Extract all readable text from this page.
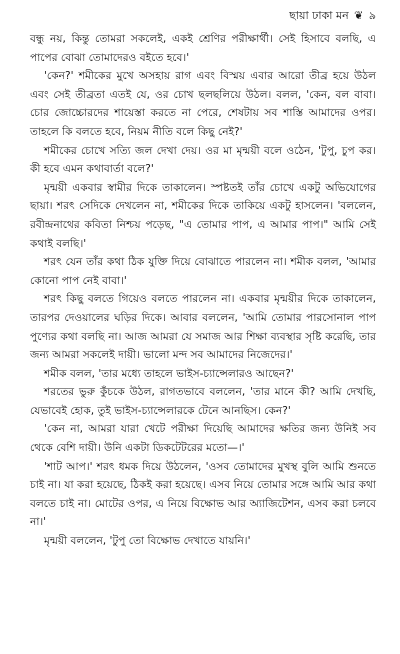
ছায়া ঢাকা মন ❦ ৯

বন্ধু নয়, কিন্তু তোমরা সকলেই, একই শ্রেণির পরীক্ষার্থী। সেই হিসাবে বলছি, এ পাপের বোঝা তোমাদেরও বইতে হবে।'

'কেন?' শমীকের মুখে অসহায় রাগ এবং বিস্ময় এবার আরো তীব্র হয়ে উঠল এবং সেই তীব্রতা এতই যে, ওর চোখ ছলছলিয়ে উঠল। বলল, 'কেন, বল বাবা। চোর জোচ্চোরদের শায়েস্তা করতে না পেরে, শেষটায় সব শাস্তি আমাদের ওপর। তাহলে কি বলতে হবে, নিয়ম নীতি বলে কিছু নেই?'

শমীকের চোখে সত্যি জল দেখা দেয়। ওর মা মৃন্ময়ী বলে ওঠেন, 'টুপু, চুপ কর। কী হবে এমন কথাবার্তা বলে?'

মৃন্ময়ী একবার স্বামীর দিকে তাকালেন। স্পষ্টতই তাঁর চোখে একটু অভিযোগের ছায়া। শরৎ সেদিকে দেখলেন না, শমীকের দিকে তাকিয়ে একটু হাসলেন। 'বললেন, রবীন্দ্রনাথের কবিতা নিশ্চয় পড়েছ, "এ তোমার পাপ, এ আমার পাপ।" আমি সেই কথাই বলছি।'

শরৎ যেন তাঁর কথা ঠিক যুক্তি দিয়ে বোঝাতে পারলেন না। শমীক বলল, 'আমার কোনো পাপ নেই বাবা।'

শরৎ কিছু বলতে গিয়েও বলতে পারলেন না। একবার মৃন্ময়ীর দিকে তাকালেন, তারপর দেওয়ালের ঘড়ির দিকে। আবার বললেন, 'আমি তোমার পারসোনাল পাপ পুণ্যের কথা বলছি না। আজ আমরা যে সমাজ আর শিক্ষা ব্যবস্থার সৃষ্টি করেছি, তার জন্য আমরা সকলেই দায়ী। ভালো মন্দ সব আমাদের নিজেদের।'

শমীক বলল, 'তার মধ্যে তাহলে ভাইস-চ্যান্সেলারও আছেন?'

শরতের ভুরু কুঁচকে উঠল, রাগতভাবে বললেন, 'তার মানে কী? আমি দেখছি, যেভাবেই হোক, তুই ভাইস-চ্যান্সেলারকে টেনে আনছিস। কেন?'

'কেন না, আমরা যারা খেটে পরীক্ষা দিয়েছি আমাদের ক্ষতির জন্য উনিই সব থেকে বেশি দায়ী। উনি একটা ডিকটেটরের মতো—।'

'শাট আপ।' শরৎ ধমক দিয়ে উঠলেন, 'ওসব তোমাদের মুখস্থ বুলি আমি শুনতে চাই না। যা করা হয়েছে, ঠিকই করা হয়েছে। এসব নিয়ে তোমার সঙ্গে আমি আর কথা বলতে চাই না। মোটের ওপর, এ নিয়ে বিক্ষোভ আর অ্যাজিটেশন, এসব করা চলবে না।'

মৃন্ময়ী বললেন, 'টুপু তো বিক্ষোভ দেখাতে যায়নি।'
